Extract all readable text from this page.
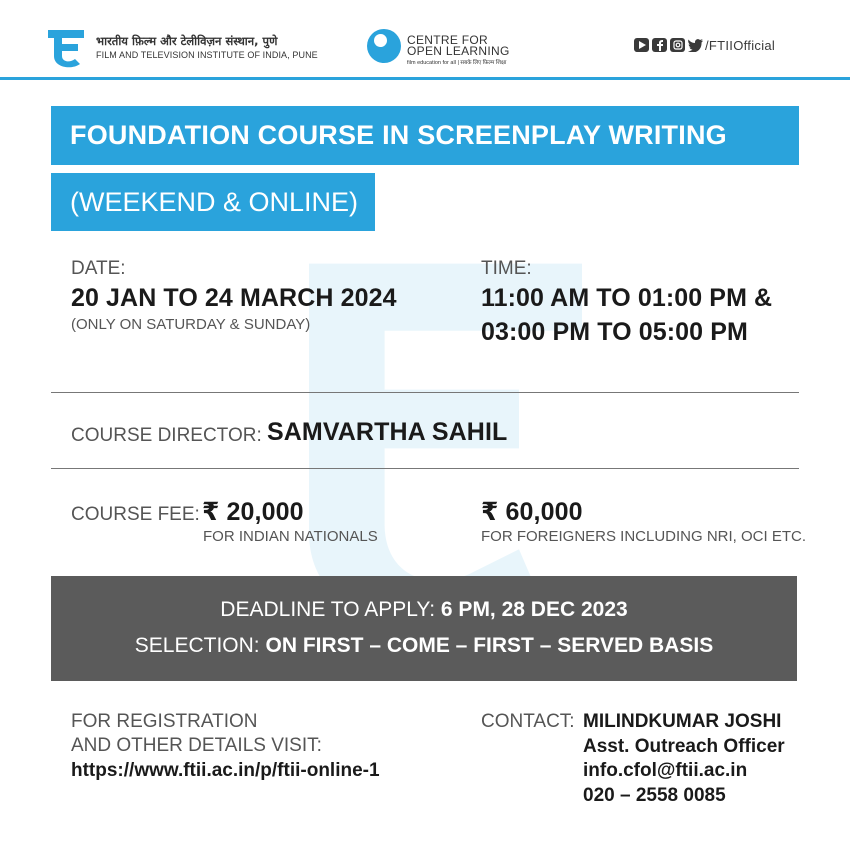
भारतीय फ़िल्म और टेलीविज़न संस्थान, पुणे
FILM AND TELEVISION INSTITUTE OF INDIA, PUNE
CENTRE FOR
OPEN LEARNING
film education for all | सबके लिए फ़िल्म शिक्षा
/FTIIOfficial
FOUNDATION COURSE IN SCREENPLAY WRITING
(WEEKEND & ONLINE)
DATE:
20 JAN TO 24 MARCH 2024
(ONLY ON SATURDAY & SUNDAY)
TIME:
11:00 AM TO 01:00 PM &
03:00 PM TO 05:00 PM
COURSE DIRECTOR: SAMVARTHA SAHIL
COURSE FEE: ₹ 20,000
FOR INDIAN NATIONALS
₹ 60,000
FOR FOREIGNERS INCLUDING NRI, OCI ETC.
DEADLINE TO APPLY: 6 PM, 28 DEC 2023
SELECTION: ON FIRST – COME – FIRST – SERVED BASIS
FOR REGISTRATION
AND OTHER DETAILS VISIT:
https://www.ftii.ac.in/p/ftii-online-1
CONTACT: MILINDKUMAR JOSHI
Asst. Outreach Officer
info.cfol@ftii.ac.in
020 – 2558 0085
